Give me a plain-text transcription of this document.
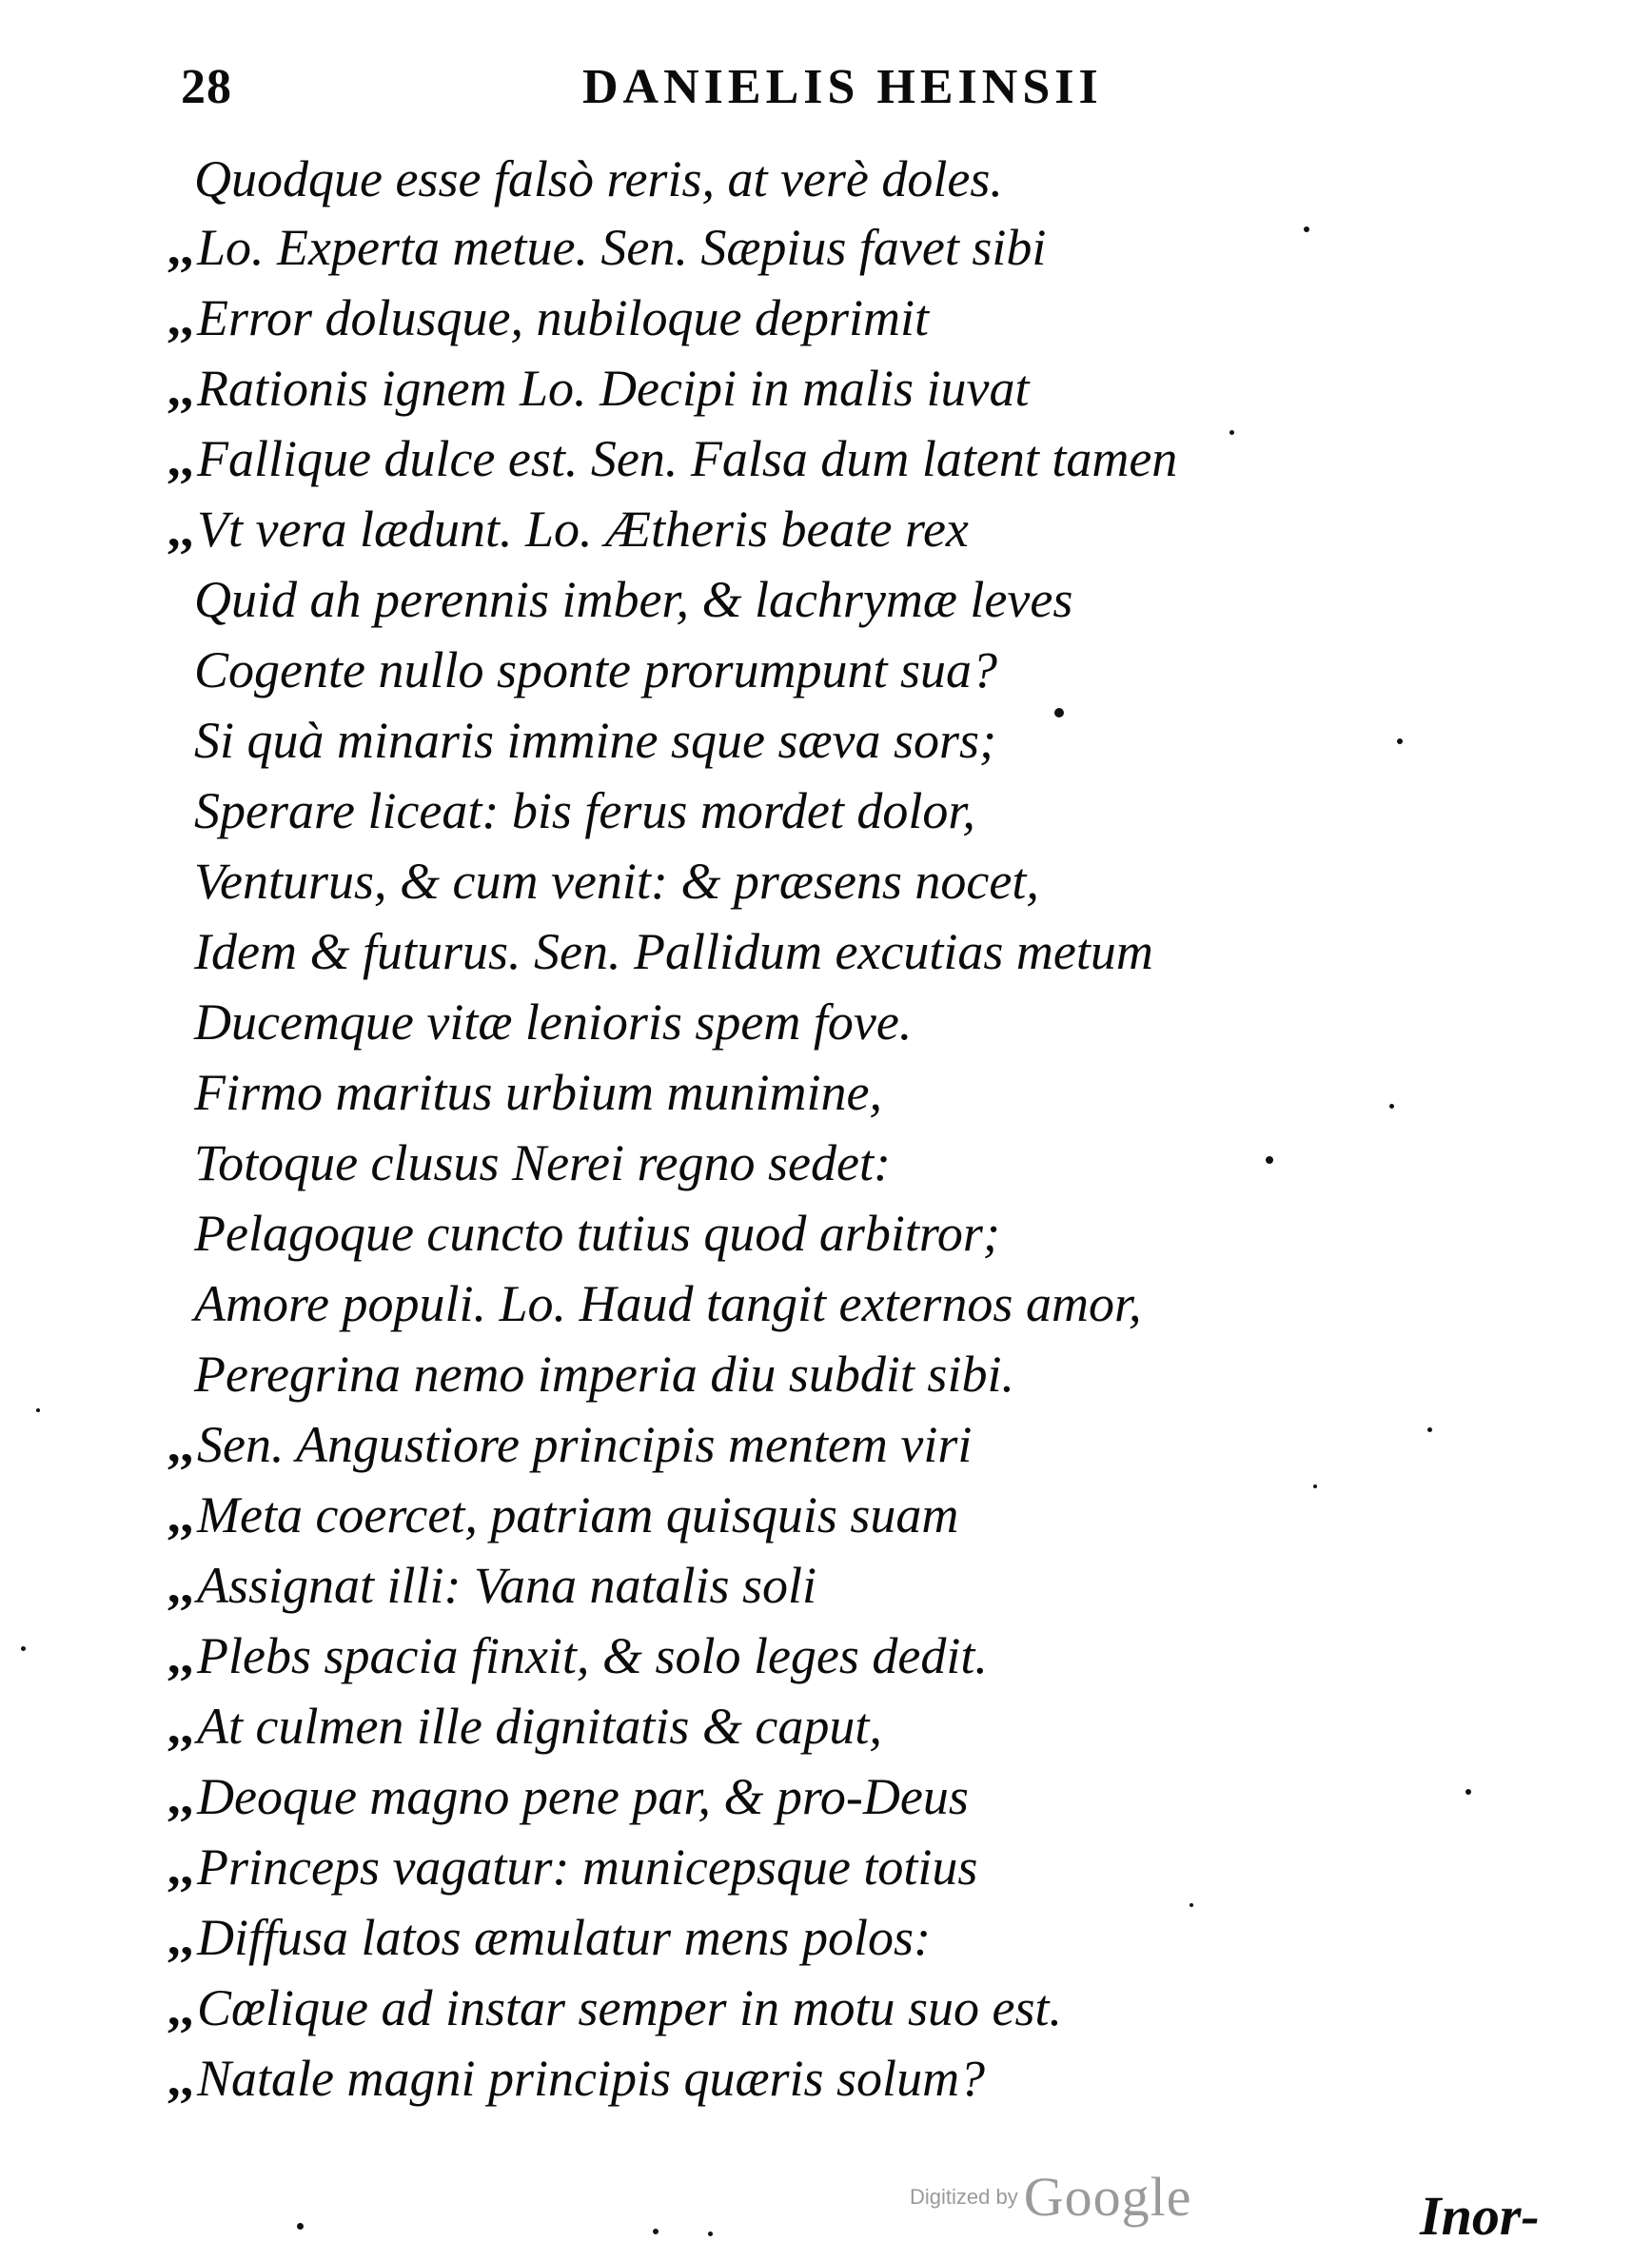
28	DANIELIS HEINSII
Quodque esse falsò reris, at verè doles.
,,Lo. Experta metue. Sen. Sæpius favet sibi
,,Error dolusque, nubiloque deprimit
,,Rationis ignem Lo. Decipi in malis iuvat
,,Fallique dulce est. Sen. Falsa dum latent tamen
,,Vt vera lædunt. Lo. Ætheris beate rex
Quid ah perennis imber, & lachrymæ leves
Cogente nullo sponte prorumpunt sua?
Si quà minaris immine sque sæva sors;
Sperare liceat: bis ferus mordet dolor,
Venturus, & cum venit: & præsens nocet,
Idem & futurus. Sen. Pallidum excutias metum
Ducemque vitæ lenioris spem fove.
Firmo maritus urbium munimine,
Totoque clusus Nerei regno sedet:
Pelagoque cuncto tutius quod arbitror;
Amore populi. Lo. Haud tangit externos amor,
Peregrina nemo imperia diu subdit sibi.
,,Sen. Angustiore principis mentem viri
,,Meta coercet, patriam quisquis suam
,,Assignat illi: Vana natalis soli
,,Plebs spacia finxit, & solo leges dedit.
,,At culmen ille dignitatis & caput,
,,Deoque magno pene par, & pro-Deus
,,Princeps vagatur: municepsque totius
,,Diffusa latos æmulatur mens polos:
,,Cœlique ad instar semper in motu suo est.
,,Natale magni principis quæris solum?
Digitized by Google	Inor-
